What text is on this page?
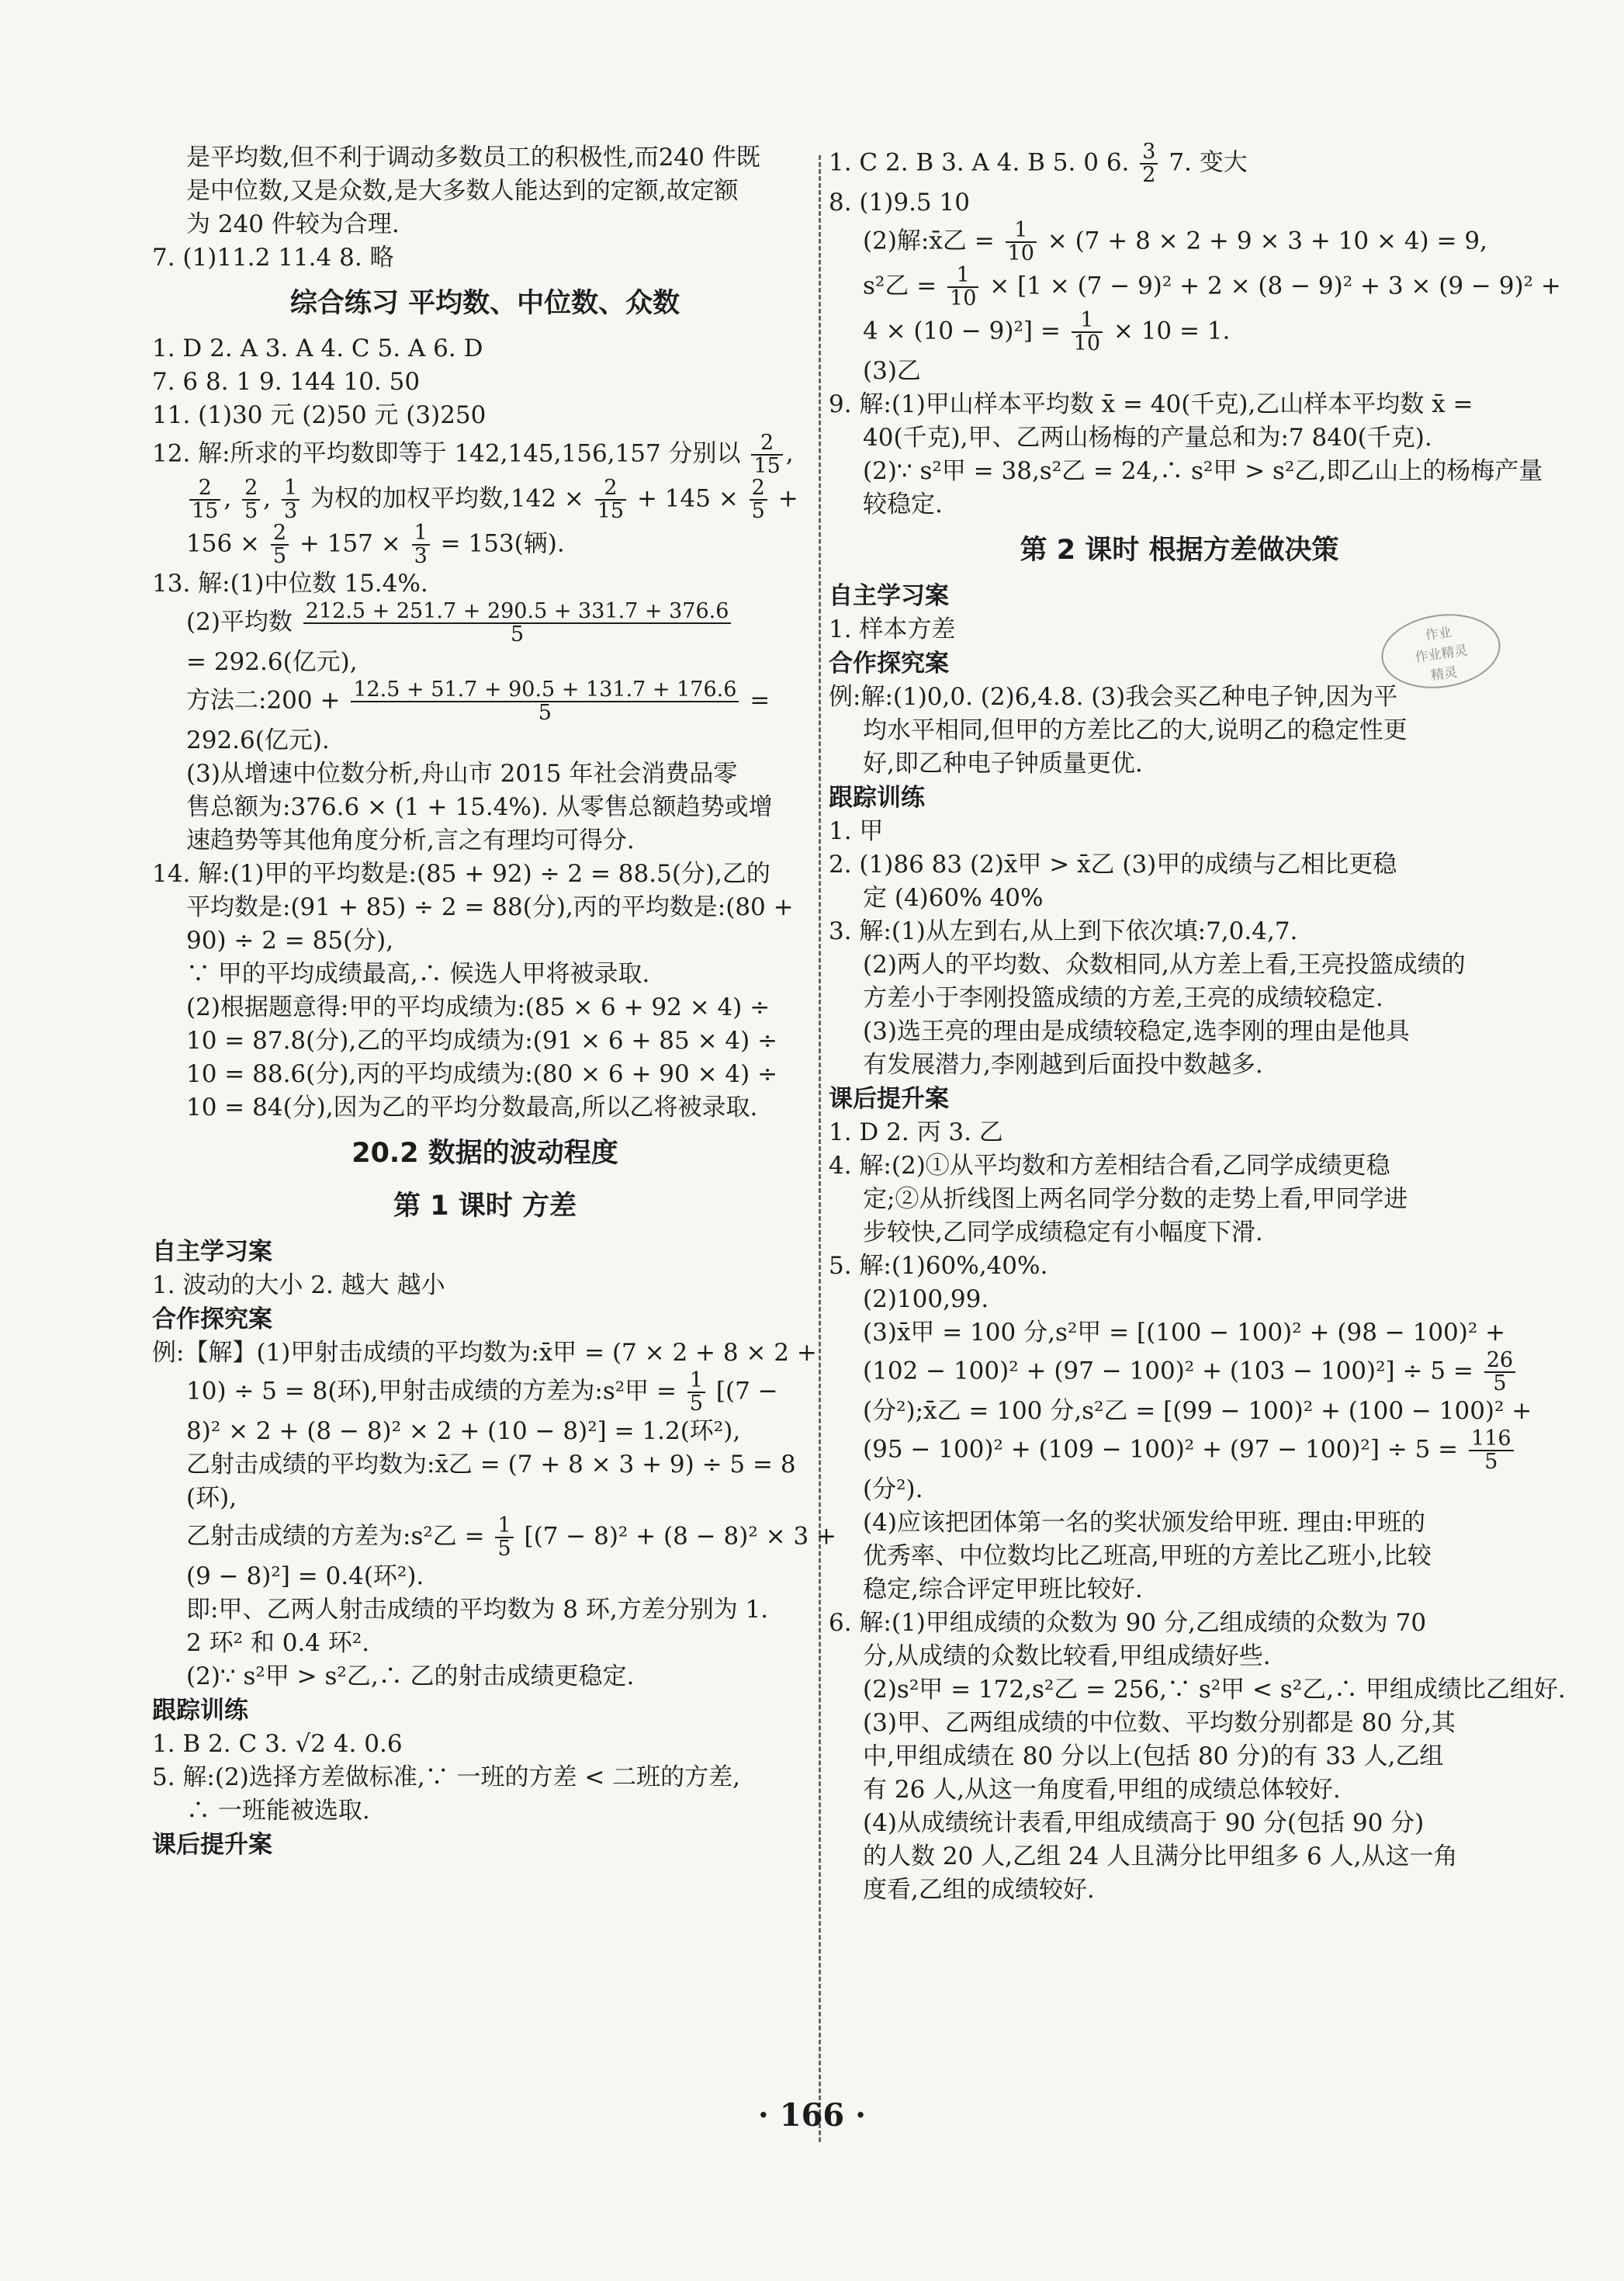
是平均数,但不利于调动多数员工的积极性,而240 件既

是中位数,又是众数,是大多数人能达到的定额,故定额

为 240 件较为合理.

7. (1)11.2 11.4 8. 略

综合练习 平均数、中位数、众数

1. D 2. A 3. A 4. C 5. A 6. D

7. 6 8. 1 9. 144 10. 50

11. (1)30 元 (2)50 元 (3)250

12. 解:所求的平均数即等于 142,145,156,157 分别以 $\frac{2}{15}$ ,

$\frac{2}{15}$ , $\frac{2}{5}$ , $\frac{1}{3}$ 为权的加权平均数$,142 \times \frac{2}{15} + 145 \times \frac{2}{5}$ +

$156 \times \frac{2}{5} + 157 \times \frac{1}{3} = 153$(辆).

13. 解:(1)中位数 15.4%.

(2)平均数 $\frac{212.5 + 251.7 + 290.5 + 331.7 + 376.6}{5}$

= 292.6(亿元),

方法二:200 + $\frac{12.5 + 51.7 + 90.5 + 131.7 + 176.6}{5}$ =

292.6(亿元).

(3)从增速中位数分析,舟山市 2015 年社会消费品零

售总额为:376.6 × (1 + 15.4%). 从零售总额趋势或增

速趋势等其他角度分析,言之有理均可得分.

14. 解:(1)甲的平均数是:(85 + 92) ÷ 2 = 88.5(分),乙的

平均数是:(91 + 85) ÷ 2 = 88(分),丙的平均数是:(80 +

90) ÷ 2 = 85(分),

∵ 甲的平均成绩最高,∴ 候选人甲将被录取.

(2)根据题意得:甲的平均成绩为:(85 × 6 + 92 × 4) ÷

10 = 87.8(分),乙的平均成绩为:(91 × 6 + 85 × 4) ÷

10 = 88.6(分),丙的平均成绩为:(80 × 6 + 90 × 4) ÷

10 = 84(分),因为乙的平均分数最高,所以乙将被录取.

20.2 数据的波动程度
第 1 课时 方差
自主学习案

1. 波动的大小 2. 越大 越小

合作探究案

例:【解】(1)甲射击成绩的平均数为:x̄甲 = (7 × 2 + 8 × 2 +

10) ÷ 5 = 8(环),甲射击成绩的方差为:s²甲 = $\frac{1}{5} [(7$ −

8)² × 2 + (8 − 8)² × 2 + (10 − 8)²] = 1.2(环²),

乙射击成绩的平均数为:x̄乙 = (7 + 8 × 3 + 9) ÷ 5 = 8

(环),

乙射击成绩的方差为:s²乙 = $\frac{1}{5} [(7 - 8)^2 + (8 - 8)^2 \times 3$ +

(9 − 8)²] = 0.4(环²).

即:甲、乙两人射击成绩的平均数为 8 环,方差分别为 1.

2 环² 和 0.4 环².

(2)∵ s²甲 > s²乙,∴ 乙的射击成绩更稳定.

跟踪训练

1. B 2. C 3. √2 4. 0.6

5. 解:(2)选择方差做标准,∵ 一班的方差 < 二班的方差,

∴ 一班能被选取.

课后提升案

1. C 2. B 3. A 4. B 5. 0 6. $\frac{3}{2} 7$. 变大

8. (1)9.5 10

(2)解:x̄乙 = $\frac{1}{10} \times (7 + 8 \times 2 + 9 \times 3 + 10 \times 4) = 9$,

s²乙 = $\frac{1}{10} \times [1 \times (7 - 9)^2 + 2 \times (8 - 9)^2 + 3 \times (9 - 9)^2$ +

$4 \times (10 - 9)^2] = \frac{1}{10} \times 10 = 1$.

(3)乙

9. 解:(1)甲山样本平均数 x̄ = 40(千克),乙山样本平均数 x̄ =

40(千克),甲、乙两山杨梅的产量总和为:7 840(千克).

(2)∵ s²甲 = 38,s²乙 = 24,∴ s²甲 > s²乙,即乙山上的杨梅产量

较稳定.

第 2 课时 根据方差做决策
自主学习案

1. 样本方差

合作探究案

例:解:(1)0,0. (2)6,4.8. (3)我会买乙种电子钟,因为平

均水平相同,但甲的方差比乙的大,说明乙的稳定性更

好,即乙种电子钟质量更优.

跟踪训练

1. 甲

2. (1)86 83 (2)x̄甲 > x̄乙 (3)甲的成绩与乙相比更稳

定 (4)60% 40%

3. 解:(1)从左到右,从上到下依次填:7,0.4,7.

(2)两人的平均数、众数相同,从方差上看,王亮投篮成绩的

方差小于李刚投篮成绩的方差,王亮的成绩较稳定.

(3)选王亮的理由是成绩较稳定,选李刚的理由是他具

有发展潜力,李刚越到后面投中数越多.

课后提升案

1. D 2. 丙 3. 乙

4. 解:(2)①从平均数和方差相结合看,乙同学成绩更稳

定;②从折线图上两名同学分数的走势上看,甲同学进

步较快,乙同学成绩稳定有小幅度下滑.

5. 解:(1)60%,40%.

(2)100,99.

(3)x̄甲 = 100 分,s²甲 = [(100 − 100)² + (98 − 100)² +

$(102 - 100)^2 + (97 - 100)^2 + (103 - 100)^2] \div 5 = \frac{26}{5}$

(分²);x̄乙 = 100 分,s²乙 = [(99 − 100)² + (100 − 100)² +

$(95 - 100)^2 + (109 - 100)^2 + (97 - 100)^2] \div 5 = \frac{116}{5}$

(分²).

(4)应该把团体第一名的奖状颁发给甲班. 理由:甲班的

优秀率、中位数均比乙班高,甲班的方差比乙班小,比较

稳定,综合评定甲班比较好.

6. 解:(1)甲组成绩的众数为 90 分,乙组成绩的众数为 70

分,从成绩的众数比较看,甲组成绩好些.

(2)s²甲 = 172,s²乙 = 256,∵ s²甲 < s²乙,∴ 甲组成绩比乙组好.

(3)甲、乙两组成绩的中位数、平均数分别都是 80 分,其

中,甲组成绩在 80 分以上(包括 80 分)的有 33 人,乙组

有 26 人,从这一角度看,甲组的成绩总体较好.

(4)从成绩统计表看,甲组成绩高于 90 分(包括 90 分)

的人数 20 人,乙组 24 人且满分比甲组多 6 人,从这一角

度看,乙组的成绩较好.

作业
作业精灵
精灵
· 166 ·
